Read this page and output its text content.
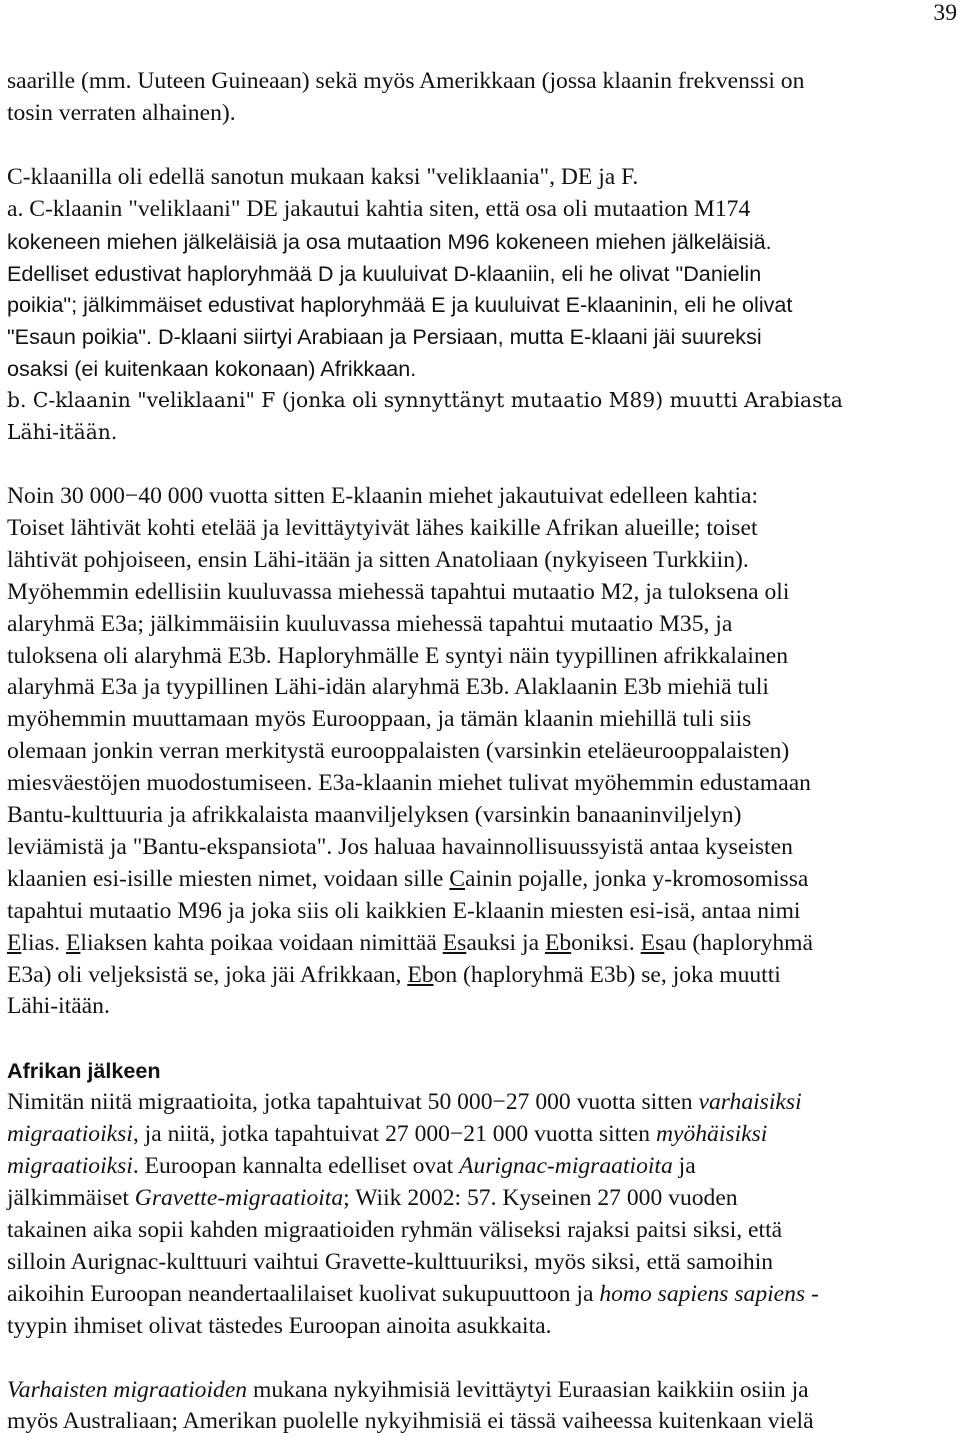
39
saarille (mm. Uuteen Guineaan) sekä myös Amerikkaan (jossa klaanin frekvenssi on
tosin verraten alhainen).
C-klaanilla oli edellä sanotun mukaan kaksi "veliklaania", DE ja F.
a. C-klaanin "veliklaani" DE jakautui kahtia siten, että osa oli mutaation M174
kokeneen miehen jälkeläisiä ja osa mutaation M96 kokeneen miehen jälkeläisiä.
Edelliset edustivat haploryhmää D ja kuuluivat D-klaaniin, eli he olivat "Danielin
poikia"; jälkimmäiset edustivat haploryhmää E ja kuuluivat E-klaaninin, eli he olivat
"Esaun poikia". D-klaani siirtyi Arabiaan ja Persiaan, mutta E-klaani jäi suureksi
osaksi (ei kuitenkaan kokonaan) Afrikkaan.
b. C-klaanin "veliklaani" F (jonka oli synnyttänyt mutaatio M89) muutti Arabiasta
Lähi-itään.
Noin 30 000−40 000 vuotta sitten E-klaanin miehet jakautuivat edelleen kahtia:
Toiset lähtivät kohti etelää ja levittäytyivät lähes kaikille Afrikan alueille; toiset
lähtivät pohjoiseen, ensin Lähi-itään ja sitten Anatoliaan (nykyiseen Turkkiin).
Myöhemmin edellisiin kuuluvassa miehessä tapahtui mutaatio M2, ja tuloksena oli
alaryhmä E3a; jälkimmäisiin kuuluvassa miehessä tapahtui mutaatio M35, ja
tuloksena oli alaryhmä E3b. Haploryhmälle E syntyi näin tyypillinen afrikkalainen
alaryhmä E3a ja tyypillinen Lähi-idän alaryhmä E3b. Alaklaanin E3b miehiä tuli
myöhemmin muuttamaan myös Eurooppaan, ja tämän klaanin miehillä tuli siis
olemaan jonkin verran merkitystä eurooppalaisten (varsinkin eteläeurooppalaisten)
miesväestöjen muodostumiseen. E3a-klaanin miehet tulivat myöhemmin edustamaan
Bantu-kulttuuria ja afrikkalaista maanviljelyksen (varsinkin banaaninviljelyn)
leviämistä ja "Bantu-ekspansiota". Jos haluaa havainnollisuussyistä antaa kyseisten
klaanien esi-isille miesten nimet, voidaan sille Cainin pojalle, jonka y-kromosomissa
tapahtui mutaatio M96 ja joka siis oli kaikkien E-klaanin miesten esi-isä, antaa nimi
Elias. Eliaksen kahta poikaa voidaan nimittää Esauksi ja Eboniksi. Esau (haploryhmä
E3a) oli veljeksistä se, joka jäi Afrikkaan, Ebon (haploryhmä E3b) se, joka muutti
Lähi-itään.
Afrikan jälkeen
Nimitän niitä migraatioita, jotka tapahtuivat 50 000−27 000 vuotta sitten varhaisiksi
migraatioiksi, ja niitä, jotka tapahtuivat 27 000−21 000 vuotta sitten myöhäisiksi
migraatioiksi. Euroopan kannalta edelliset ovat Aurignac-migraatioita ja
jälkimmäiset Gravette-migraatioita; Wiik 2002: 57. Kyseinen 27 000 vuoden
takainen aika sopii kahden migraatioiden ryhmän väliseksi rajaksi paitsi siksi, että
silloin Aurignac-kulttuuri vaihtui Gravette-kulttuuriksi, myös siksi, että samoihin
aikoihin Euroopan neandertaalilaiset kuolivat sukupuuttoon ja homo sapiens sapiens -
tyypin ihmiset olivat tästedes Euroopan ainoita asukkaita.
Varhaisten migraatioiden mukana nykyihmisiä levittäytyi Euraasian kaikkiin osiin ja
myös Australiaan; Amerikan puolelle nykyihmisiä ei tässä vaiheessa kuitenkaan vielä
